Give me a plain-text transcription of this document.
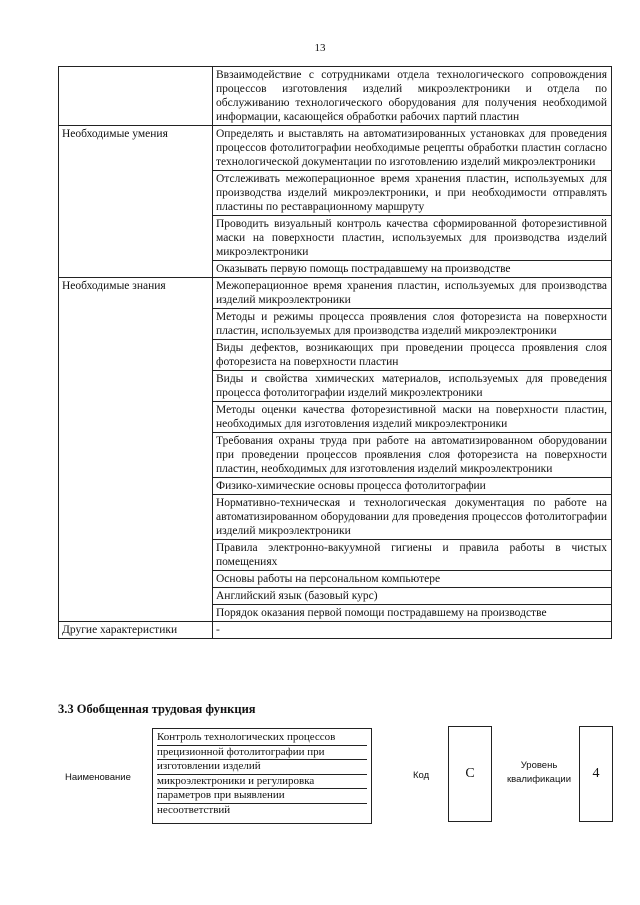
13
	Ввзаимодействие с сотрудниками отдела технологического сопровождения процессов изготовления изделий микроэлектроники и отдела по обслуживанию технологического оборудования для получения необходимой информации, касающейся обработки рабочих партий пластин
Необходимые умения	Определять и выставлять на автоматизированных установках для проведения процессов фотолитографии необходимые рецепты обработки пластин согласно технологической документации по изготовлению изделий микроэлектроники
	Отслеживать межоперационное время хранения пластин, используемых для производства изделий микроэлектроники, и при необходимости отправлять пластины по реставрационному маршруту
	Проводить визуальный контроль качества сформированной фоторезистивной маски на поверхности пластин, используемых для производства изделий микроэлектроники
	Оказывать первую помощь пострадавшему на производстве
Необходимые знания	Межоперационное время хранения пластин, используемых для производства изделий микроэлектроники
	Методы и режимы процесса проявления слоя фоторезиста на поверхности пластин, используемых для производства изделий микроэлектроники
	Виды дефектов, возникающих при проведении процесса проявления слоя фоторезиста на поверхности пластин
	Виды и свойства химических материалов, используемых для проведения процесса фотолитографии изделий микроэлектроники
	Методы оценки качества фоторезистивной маски на поверхности пластин, необходимых для изготовления изделий микроэлектроники
	Требования охраны труда при работе на автоматизированном оборудовании при проведении процессов проявления слоя фоторезиста на поверхности пластин, необходимых для изготовления изделий микроэлектроники
	Физико-химические основы процесса фотолитографии
	Нормативно-техническая и технологическая документация по работе на автоматизированном оборудовании для проведения процессов фотолитографии изделий микроэлектроники
	Правила электронно-вакуумной гигиены и правила работы в чистых помещениях
	Основы работы на персональном компьютере
	Английский язык (базовый курс)
	Порядок оказания первой помощи пострадавшему на производстве
Другие характеристики	-
3.3 Обобщенная трудовая функция
Наименование
Контроль технологических процессов
прецизионной фотолитографии при
изготовлении изделий
микроэлектроники и регулировка
параметров при выявлении
несоответствий
Код	С
Уровень квалификации	4
